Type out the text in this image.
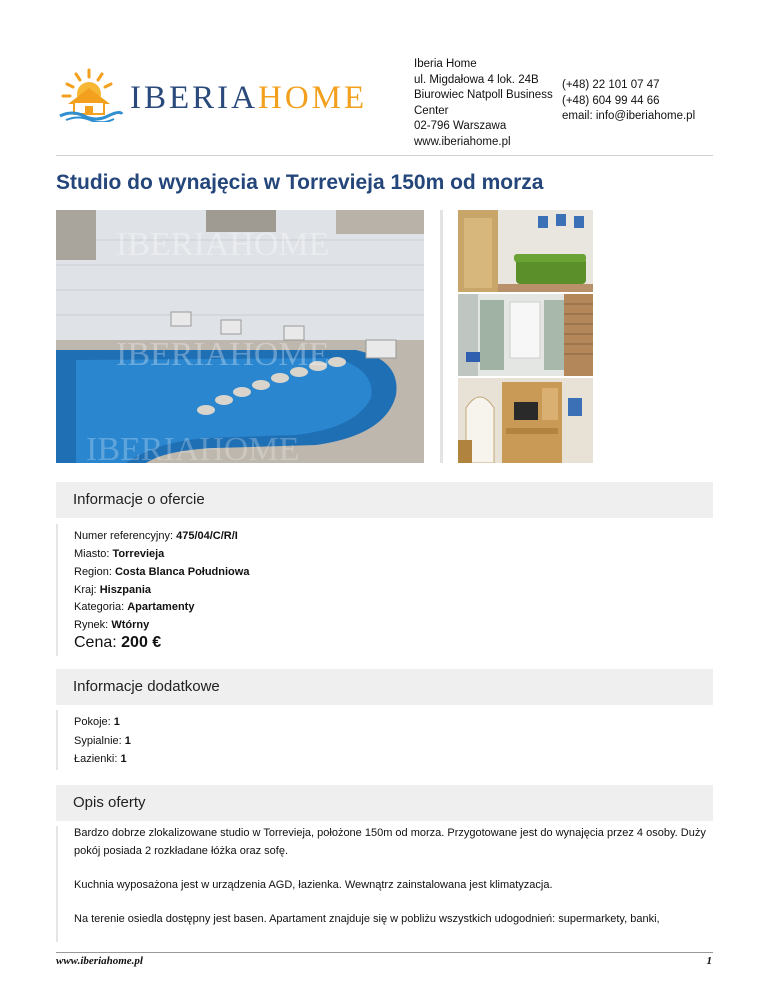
IBERIAHOME
Iberia Home
ul. Migdałowa 4 lok. 24B
Biurowiec Natpoll Business
Center
02-796 Warszawa
www.iberiahome.pl
(+48) 22 101 07 47
(+48) 604 99 44 66
email: info@iberiahome.pl
Studio do wynajęcia w Torrevieja 150m od morza
IBERIAHOME
IBERIAHOME
IBERIAHOME
Informacje o ofercie
Numer referencyjny: 475/04/C/R/I
Miasto: Torrevieja
Region: Costa Blanca Południowa
Kraj: Hiszpania
Kategoria: Apartamenty
Rynek: Wtórny
Cena: 200 €
Informacje dodatkowe
Pokoje: 1
Sypialnie: 1
Łazienki: 1
Opis oferty
Bardzo dobrze zlokalizowane studio w Torrevieja, położone 150m od morza. Przygotowane jest do wynajęcia przez 4 osoby. Duży pokój posiada 2 rozkładane łóżka oraz sofę.
Kuchnia wyposażona jest w urządzenia AGD, łazienka. Wewnątrz zainstalowana jest klimatyzacja.
Na terenie osiedla dostępny jest basen. Apartament znajduje się w pobliżu wszystkich udogodnień: supermarkety, banki,
www.iberiahome.pl	1
